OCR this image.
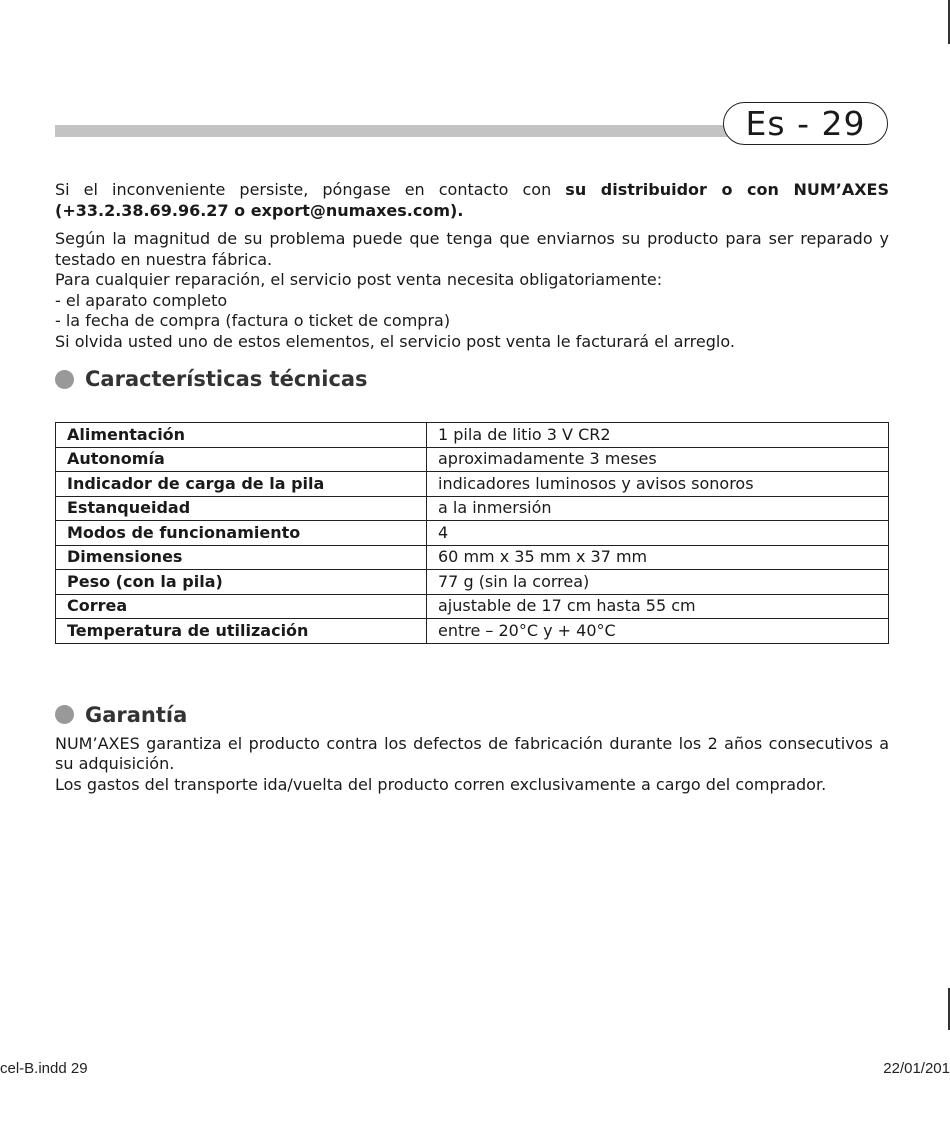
Es - 29

Si el inconveniente persiste, póngase en contacto con su distribuidor o con NUM’AXES (+33.2.38.69.96.27 o export@numaxes.com).

Según la magnitud de su problema puede que tenga que enviarnos su producto para ser reparado y testado en nuestra fábrica.

Para cualquier reparación, el servicio post venta necesita obligatoriamente:

- el aparato completo

- la fecha de compra (factura o ticket de compra)

Si olvida usted uno de estos elementos, el servicio post venta le facturará el arreglo.

Características técnicas
Alimentación	1 pila de litio 3 V CR2
Autonomía	aproximadamente 3 meses
Indicador de carga de la pila	indicadores luminosos y avisos sonoros
Estanqueidad	a la inmersión
Modos de funcionamiento	4
Dimensiones	60 mm x 35 mm x 37 mm
Peso (con la pila)	77 g (sin la correa)
Correa	ajustable de 17 cm hasta 55 cm
Temperatura de utilización	entre – 20°C y + 40°C
Garantía

NUM’AXES garantiza el producto contra los defectos de fabricación durante los 2 años consecutivos a su adquisición.

Los gastos del transporte ida/vuelta del producto corren exclusivamente a cargo del comprador.

cel-B.indd 29	22/01/201
